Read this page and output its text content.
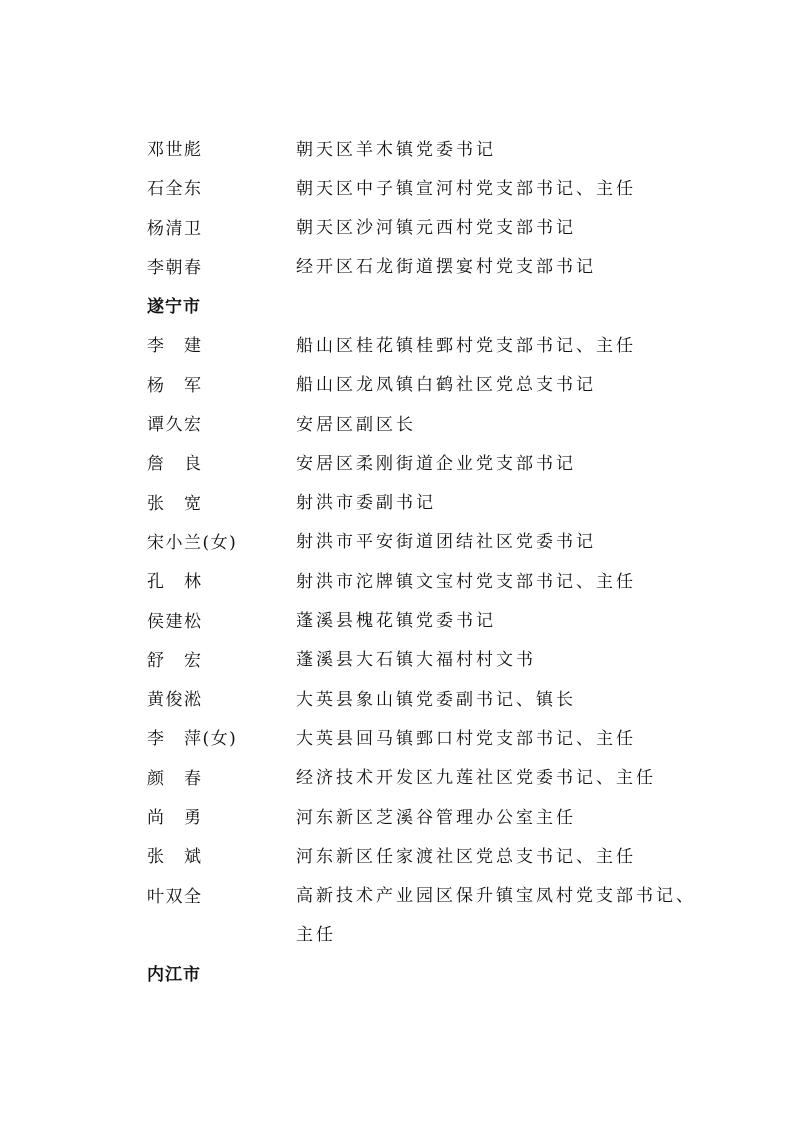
邓世彪	朝天区羊木镇党委书记
石全东	朝天区中子镇宣河村党支部书记、主任
杨清卫	朝天区沙河镇元西村党支部书记
李朝春	经开区石龙街道摆宴村党支部书记
遂宁市
李　建	船山区桂花镇桂鄄村党支部书记、主任
杨　军	船山区龙凤镇白鹤社区党总支书记
谭久宏	安居区副区长
詹　良	安居区柔刚街道企业党支部书记
张　宽	射洪市委副书记
宋小兰(女)	射洪市平安街道团结社区党委书记
孔　林	射洪市沱牌镇文宝村党支部书记、主任
侯建松	蓬溪县槐花镇党委书记
舒　宏	蓬溪县大石镇大福村村文书
黄俊淞	大英县象山镇党委副书记、镇长
李　萍(女)	大英县回马镇鄄口村党支部书记、主任
颜　春	经济技术开发区九莲社区党委书记、主任
尚　勇	河东新区芝溪谷管理办公室主任
张　斌	河东新区任家渡社区党总支书记、主任
叶双全	高新技术产业园区保升镇宝凤村党支部书记、主任
内江市
